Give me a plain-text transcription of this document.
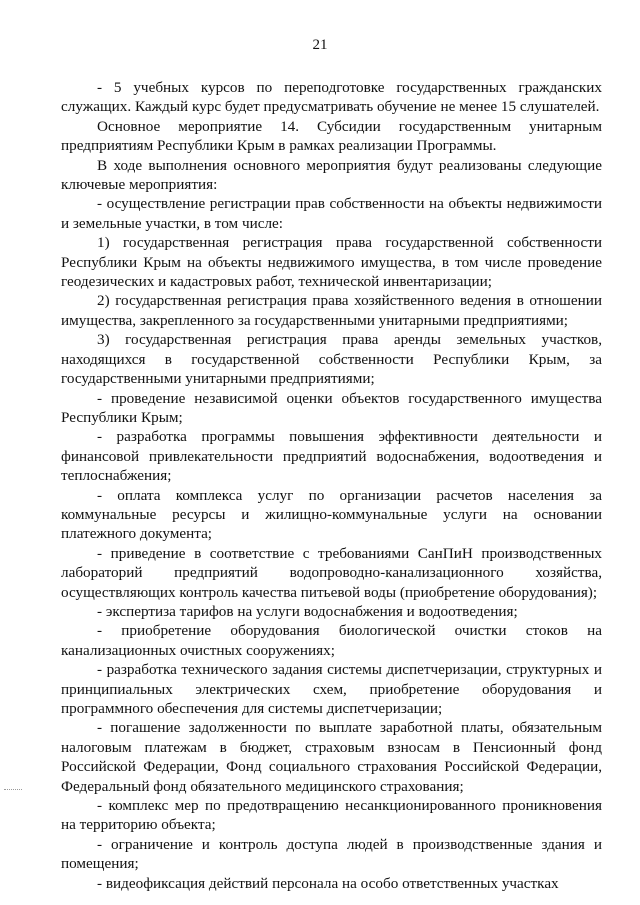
21

- 5 учебных курсов по переподготовке государственных гражданских служащих. Каждый курс будет предусматривать обучение не менее 15 слушателей.

Основное мероприятие 14. Субсидии государственным унитарным предприятиям Республики Крым в рамках реализации Программы.

В ходе выполнения основного мероприятия будут реализованы следующие ключевые мероприятия:

- осуществление регистрации прав собственности на объекты недвижимости и земельные участки, в том числе:

1) государственная регистрация права государственной собственности Республики Крым на объекты недвижимого имущества, в том числе проведение геодезических и кадастровых работ, технической инвентаризации;

2) государственная регистрация права хозяйственного ведения в отношении имущества, закрепленного за государственными унитарными предприятиями;

3) государственная регистрация права аренды земельных участков, находящихся в государственной собственности Республики Крым, за государственными унитарными предприятиями;

- проведение независимой оценки объектов государственного имущества Республики Крым;

- разработка программы повышения эффективности деятельности и финансовой привлекательности предприятий водоснабжения, водоотведения и теплоснабжения;

- оплата комплекса услуг по организации расчетов населения за коммунальные ресурсы и жилищно-коммунальные услуги на основании платежного документа;

- приведение в соответствие с требованиями СанПиН производственных лабораторий предприятий водопроводно-канализационного хозяйства, осуществляющих контроль качества питьевой воды (приобретение оборудования);

- экспертиза тарифов на услуги водоснабжения и водоотведения;

- приобретение оборудования биологической очистки стоков на канализационных очистных сооружениях;

- разработка технического задания системы диспетчеризации, структурных и принципиальных электрических схем, приобретение оборудования и программного обеспечения для системы диспетчеризации;

- погашение задолженности по выплате заработной платы, обязательным налоговым платежам в бюджет, страховым взносам в Пенсионный фонд Российской Федерации, Фонд социального страхования Российской Федерации, Федеральный фонд обязательного медицинского страхования;

- комплекс мер по предотвращению несанкционированного проникновения на территорию объекта;

- ограничение и контроль доступа людей в производственные здания и помещения;

- видеофиксация действий персонала на особо ответственных участках
